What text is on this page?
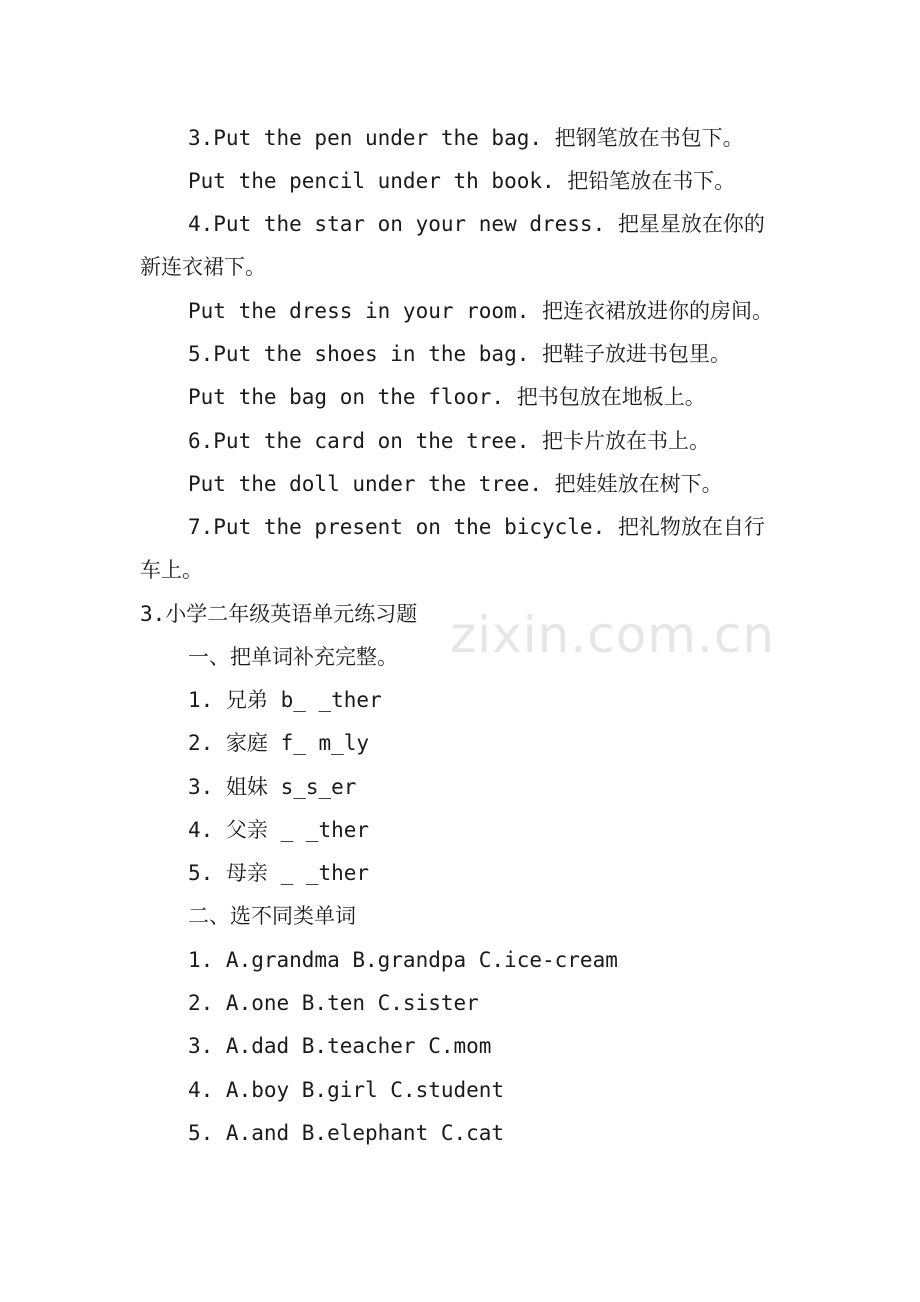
3.Put the pen under the bag. 把钢笔放在书包下。
Put the pencil under th book. 把铅笔放在书下。
4.Put the star on your new dress. 把星星放在你的
新连衣裙下。
Put the dress in your room. 把连衣裙放进你的房间。
5.Put the shoes in the bag. 把鞋子放进书包里。
Put the bag on the floor. 把书包放在地板上。
6.Put the card on the tree. 把卡片放在书上。
Put the doll under the tree. 把娃娃放在树下。
7.Put the present on the bicycle. 把礼物放在自行
车上。
3.小学二年级英语单元练习题
一、把单词补充完整。
1. 兄弟 b_ _ther
2. 家庭 f_ m_ly
3. 姐妹 s_s_er
4. 父亲 _ _ther
5. 母亲 _ _ther
二、选不同类单词
1. A.grandma B.grandpa C.ice-cream
2. A.one B.ten C.sister
3. A.dad B.teacher C.mom
4. A.boy B.girl C.student
5. A.and B.elephant C.cat
zixin.com.cn
